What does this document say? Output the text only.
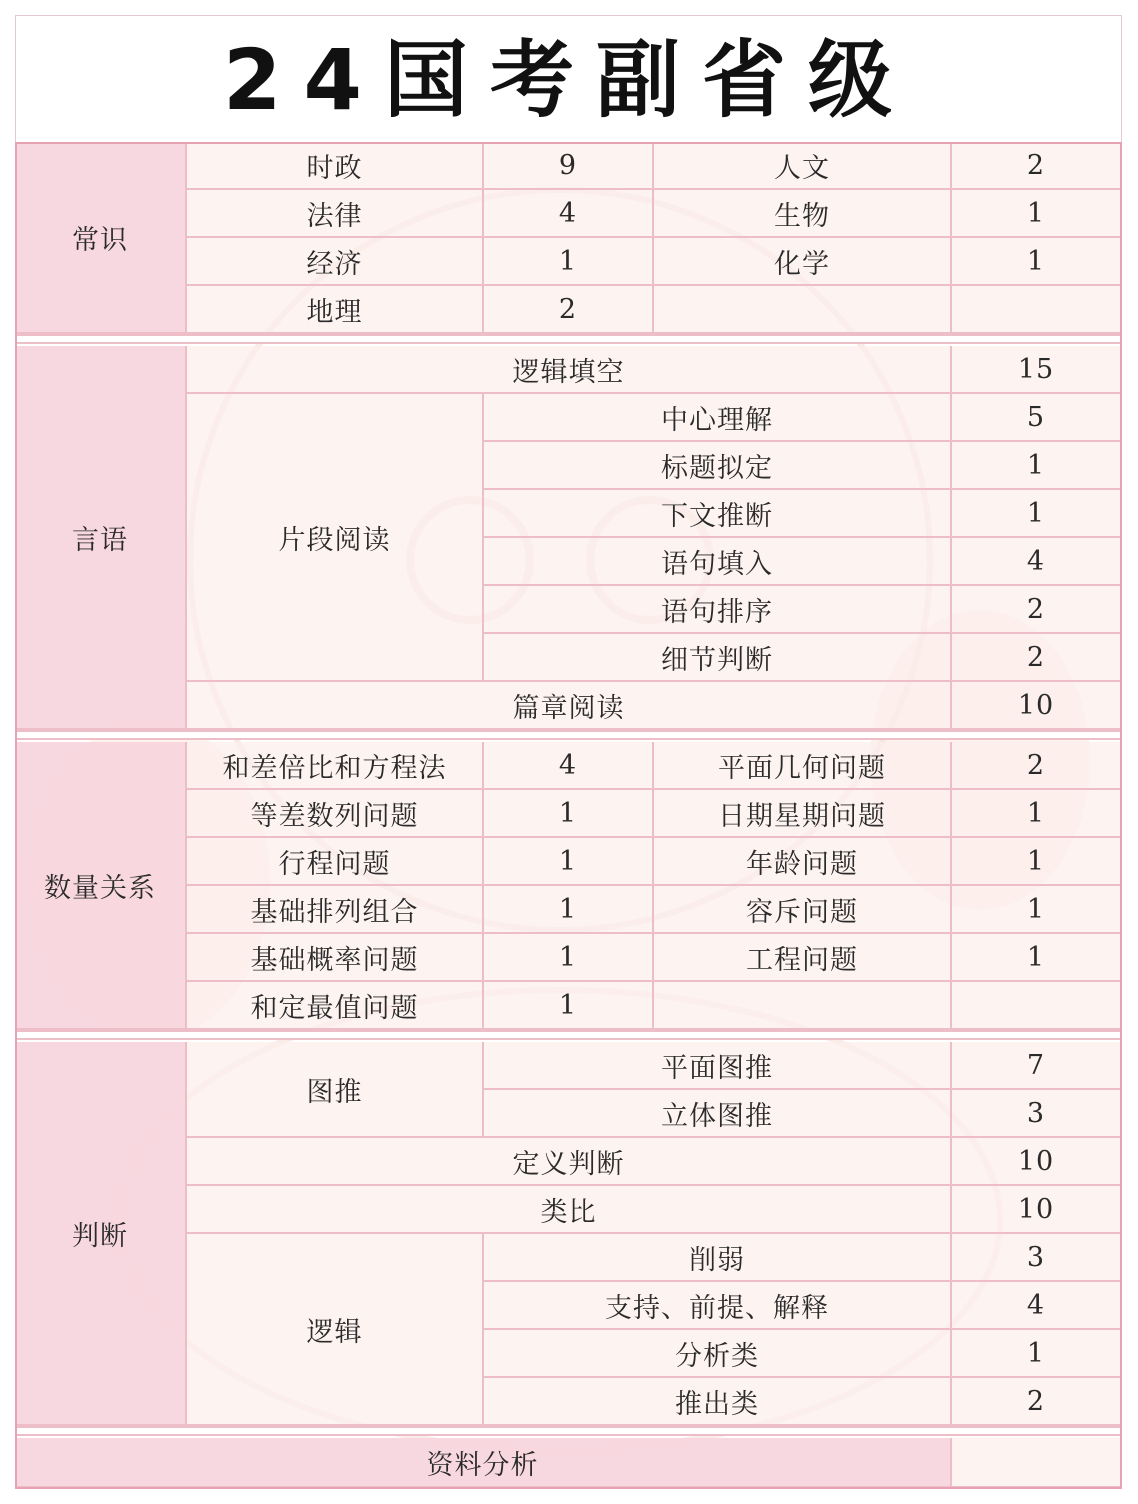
24国考副省级
常识
时政	9	人文	2
法律	4	生物	1
经济	1	化学	1
地理	2
言语
逻辑填空	15
片段阅读
中心理解	5
标题拟定	1
下文推断	1
语句填入	4
语句排序	2
细节判断	2
篇章阅读	10
数量关系
和差倍比和方程法	4	平面几何问题	2
等差数列问题	1	日期星期问题	1
行程问题	1	年龄问题	1
基础排列组合	1	容斥问题	1
基础概率问题	1	工程问题	1
和定最值问题	1
判断
图推
平面图推	7
立体图推	3
定义判断	10
类比	10
逻辑
削弱	3
支持、前提、解释	4
分析类	1
推出类	2
资料分析
